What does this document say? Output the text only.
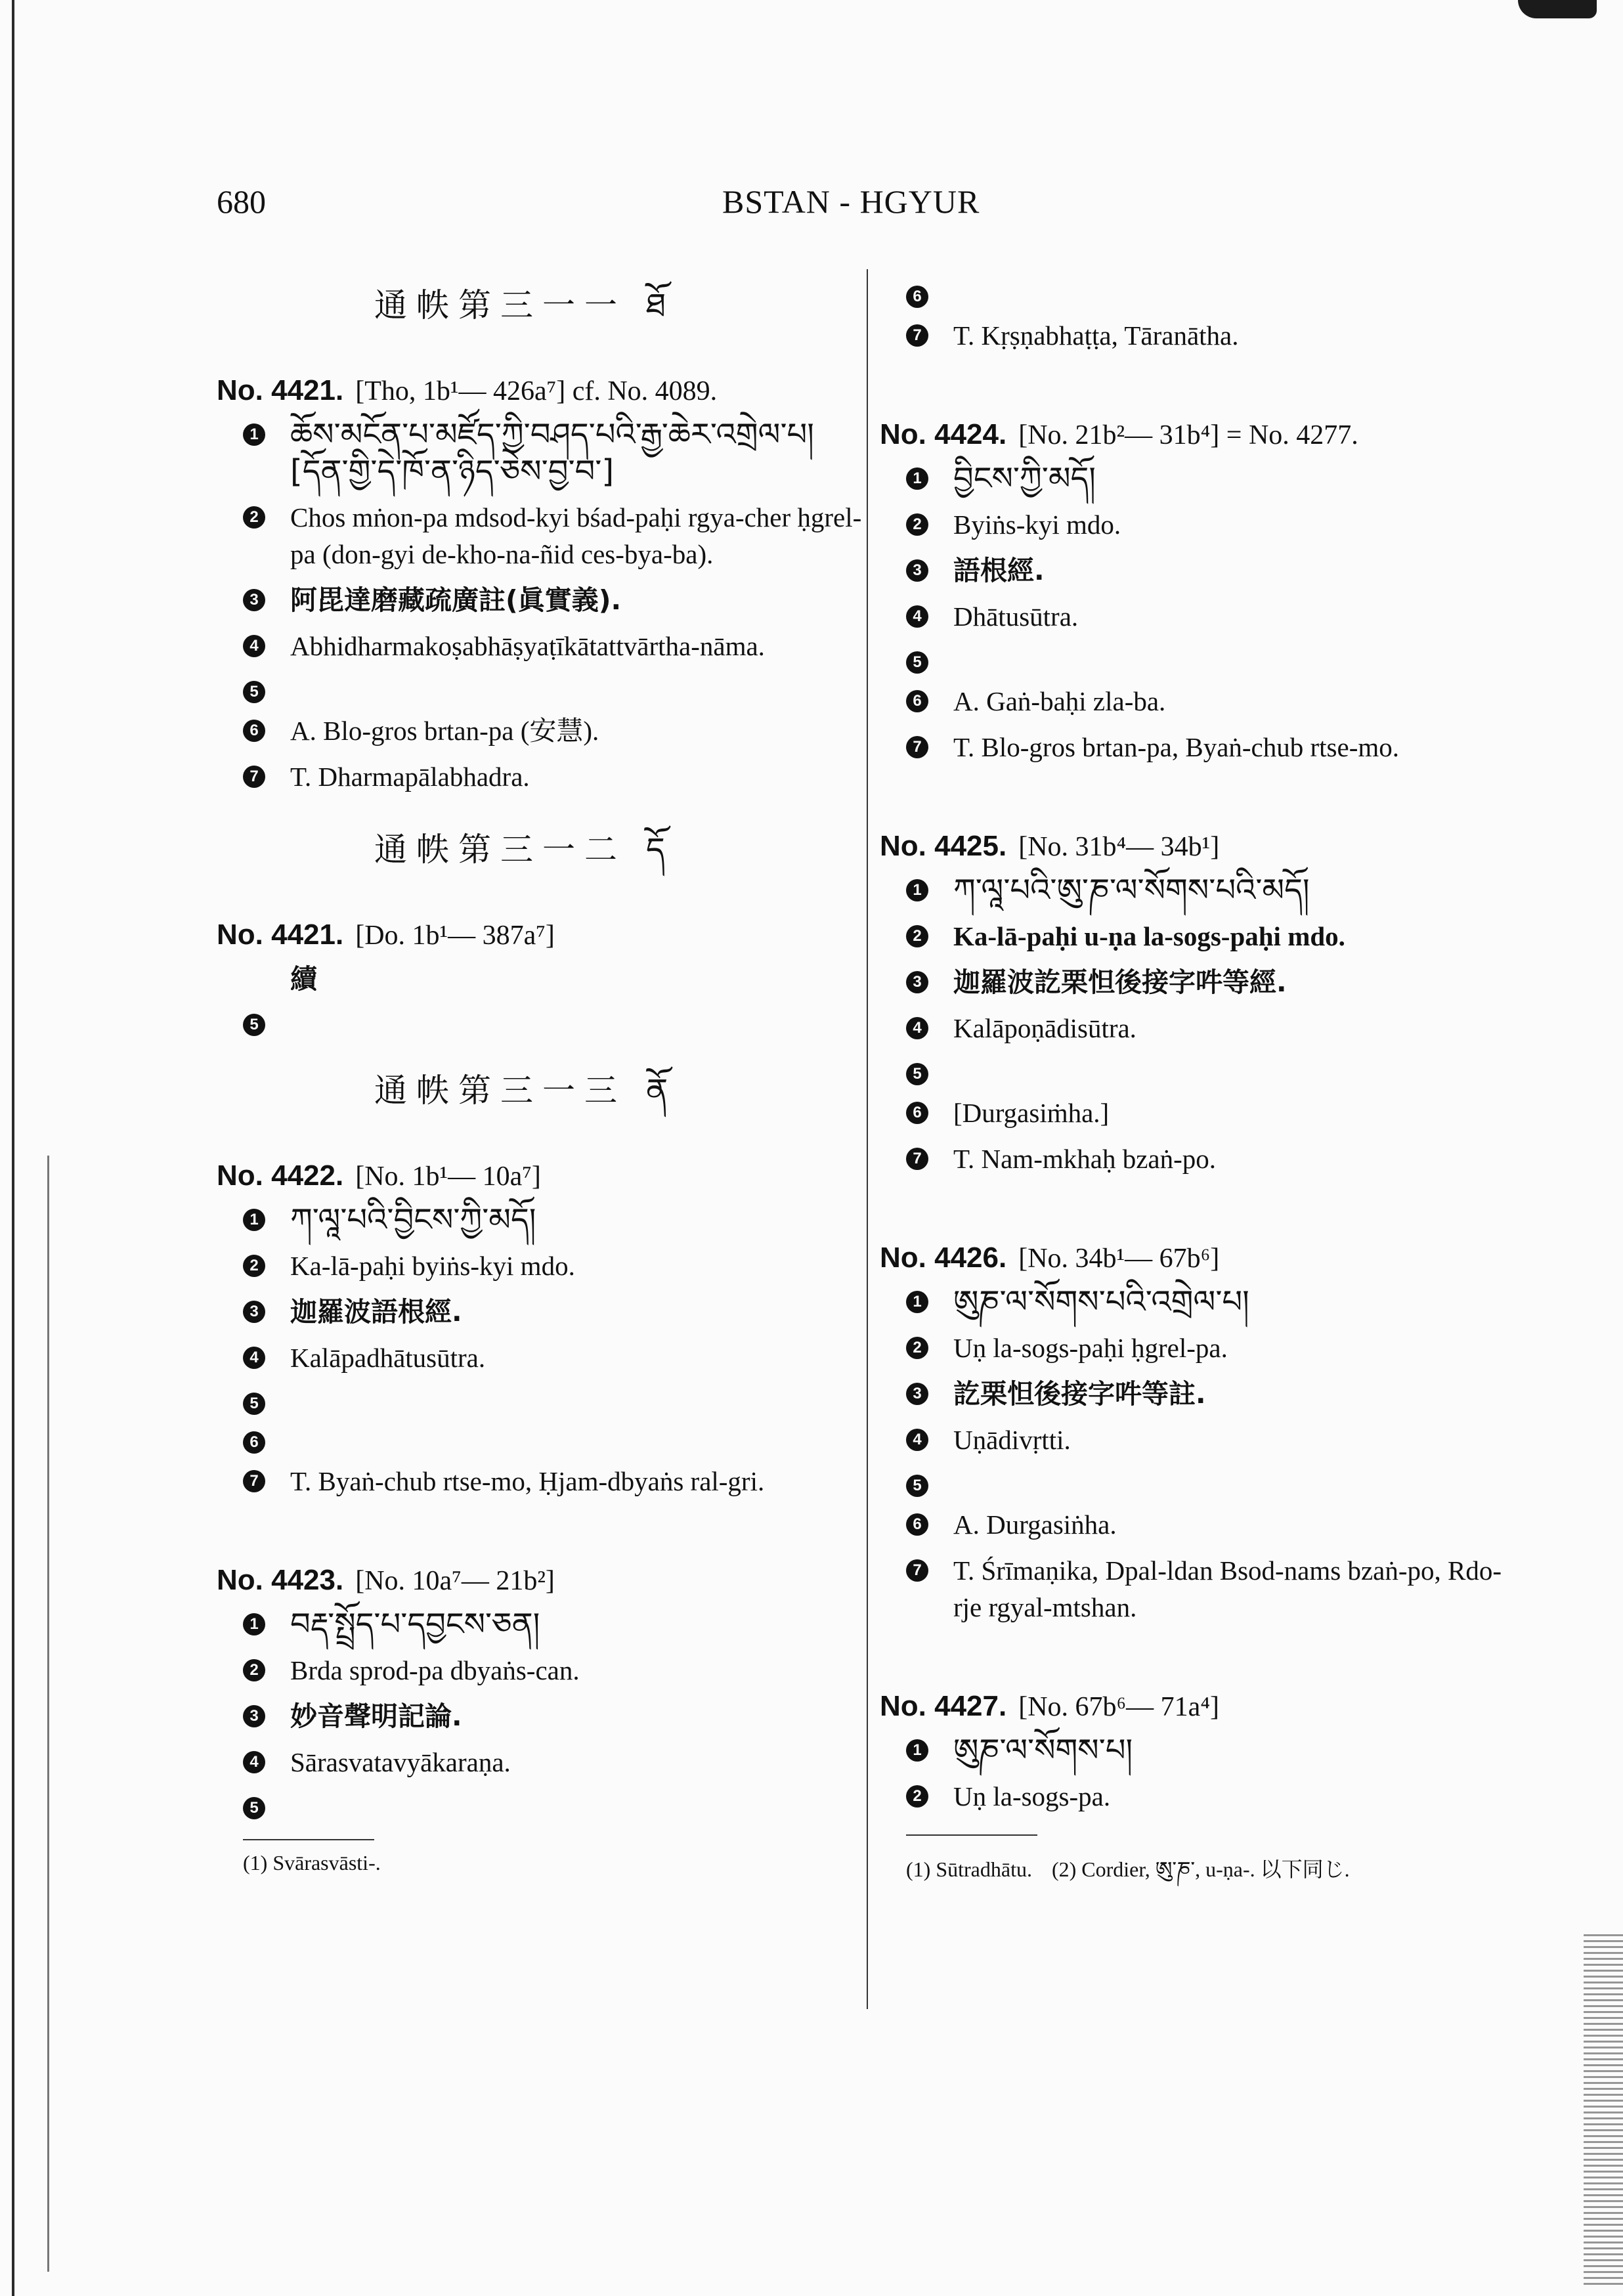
680	BSTAN - HGYUR
通帙第三一一 ཐོ
No. 4421. [Tho, 1b¹— 426a⁷] cf. No. 4089.
1 ཆོས་མངོན་པ་མཛོད་ཀྱི་བཤད་པའི་རྒྱ་ཆེར་འགྲེལ་པ།[དོན་གྱི་དེ་ཁོ་ན་ཉིད་ཅེས་བྱ་བ་]
2 Chos mṅon-pa mdsod-kyi bśad-paḥi rgya-cher ḥgrel-pa (don-gyi de-kho-na-ñid ces-bya-ba).
3 阿毘達磨藏疏廣註(眞實義).
4 Abhidharmakoṣabhāṣyaṭīkātattvārtha-nāma.
5
6 A. Blo-gros brtan-pa (安慧).
7 T. Dharmapālabhadra.
通帙第三一二 དོ
No. 4421. [Do. 1b¹— 387a⁷]
續
5
通帙第三一三 ནོ
No. 4422. [No. 1b¹— 10a⁷]
1 ཀ་ལཱ་པའི་བྱིངས་ཀྱི་མདོ།
2 Ka-lā-paḥi byiṅs-kyi mdo.
3 迦羅波語根經.
4 Kalāpadhātusūtra.
5
6
7 T. Byaṅ-chub rtse-mo, Ḥjam-dbyaṅs ral-gri.
No. 4423. [No. 10a⁷— 21b²]
1 བརྡ་སྤྲོད་པ་དབྱངས་ཅན།
2 Brda sprod-pa dbyaṅs-can.
3 妙音聲明記論.
4 Sārasvatavyākaraṇa.
5
(1) Svārasvāsti-.
6
7 T. Kṛṣṇabhaṭṭa, Tāranātha.
No. 4424. [No. 21b²— 31b⁴] = No. 4277.
1 བྱིངས་ཀྱི་མདོ།
2 Byiṅs-kyi mdo.
3 語根經.
4 Dhātusūtra.
5
6 A. Gaṅ-baḥi zla-ba.
7 T. Blo-gros brtan-pa, Byaṅ-chub rtse-mo.
No. 4425. [No. 31b⁴— 34b¹]
1 ཀ་ལཱ་པའི་ཨུ་ཎ་ལ་སོགས་པའི་མདོ།
2 Ka-lā-paḥi u-ṇa la-sogs-paḥi mdo.
3 迦羅波訖栗怛後接字吽等經.
4 Kalāpoṇādisūtra.
5
6 [Durgasiṁha.]
7 T. Nam-mkhaḥ bzaṅ-po.
No. 4426. [No. 34b¹— 67b⁶]
1 ཨུཎ་ལ་སོགས་པའི་འགྲེལ་པ།
2 Uṇ la-sogs-paḥi ḥgrel-pa.
3 訖栗怛後接字吽等註.
4 Uṇādivṛtti.
5
6 A. Durgasiṅha.
7 T. Śrīmaṇika, Dpal-ldan Bsod-nams bzaṅ-po, Rdo-rje rgyal-mtshan.
No. 4427. [No. 67b⁶— 71a⁴]
1 ཨུཎ་ལ་སོགས་པ།
2 Uṇ la-sogs-pa.
(1) Sūtradhātu. (2) Cordier, ཨུ་ཎ་, u-ṇa-. 以下同じ.
